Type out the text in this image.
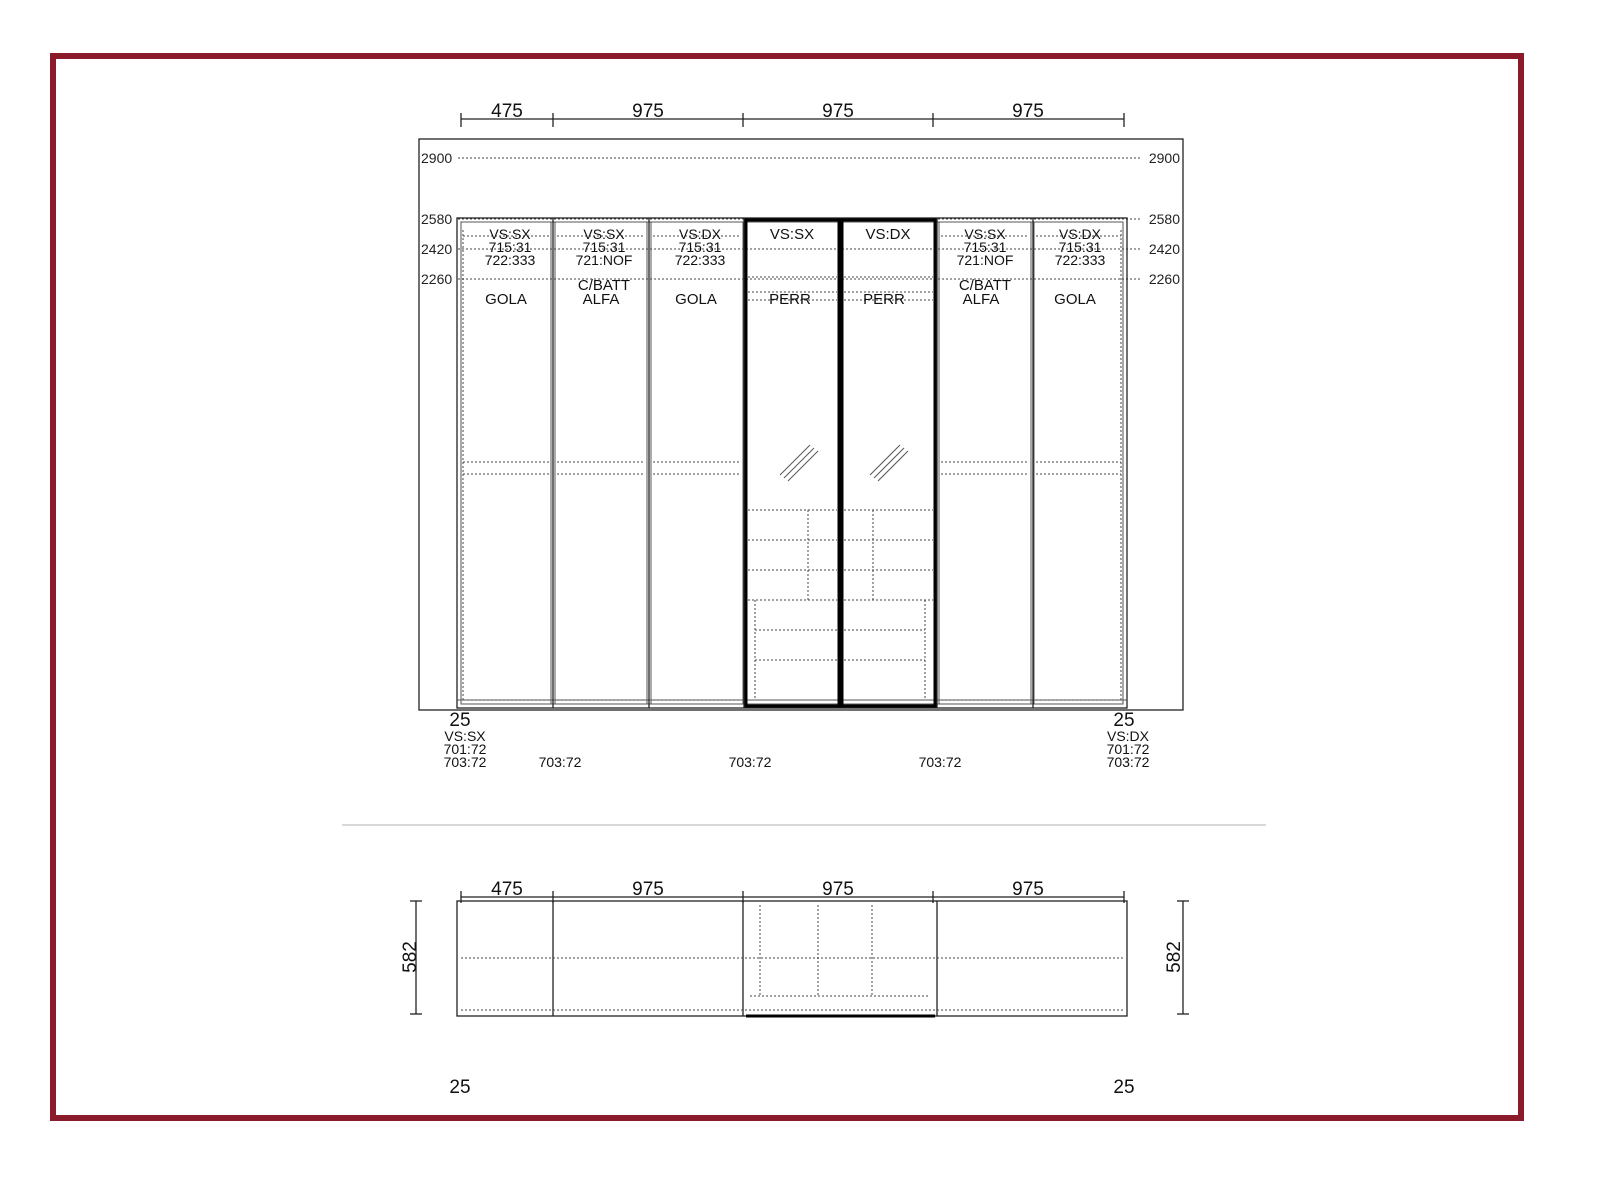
475	975	975	975
2900
2580
2420
2260
2900
2580
2420
2260
VS:SX
715:31
722:333
GOLA
VS:SX
715:31
721:NOF
C/BATT
ALFA
VS:DX
715:31
722:333
GOLA
VS:SX
PERR
VS:DX
PERR
VS:SX
715:31
721:NOF
C/BATT
ALFA
VS:DX
715:31
722:333
GOLA
25
VS:SX
701:72
703:72
25
VS:DX
701:72
703:72
703:72	703:72	703:72
475	975	975	975
582	582
25	25
